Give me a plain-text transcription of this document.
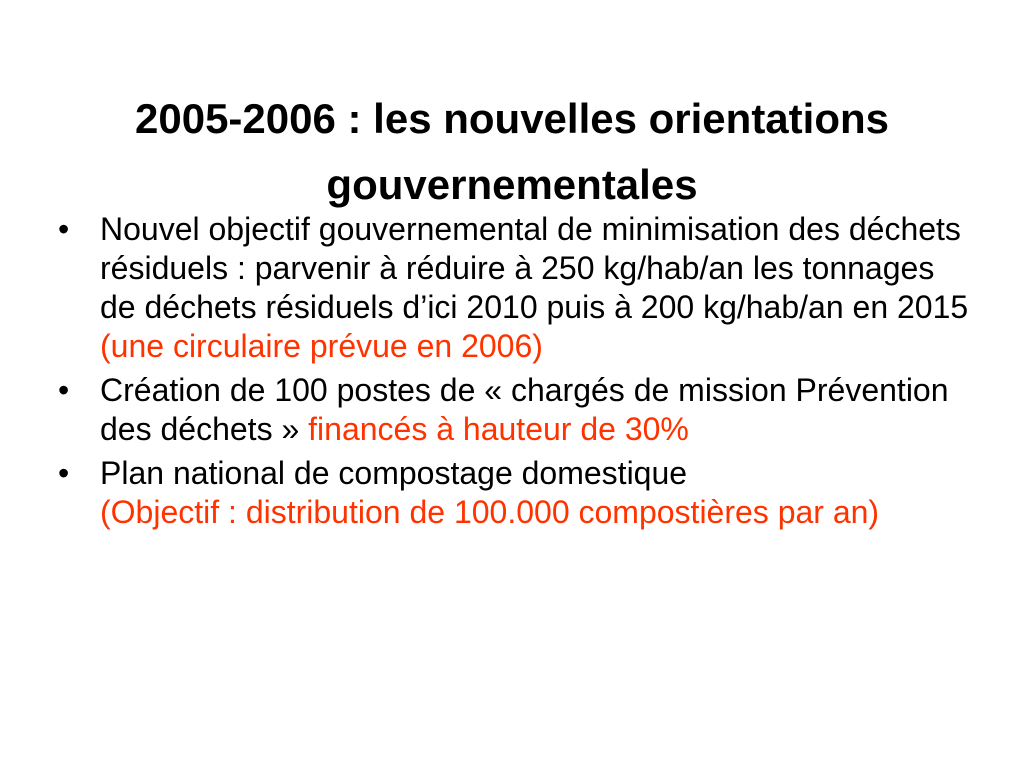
2005-2006 : les nouvelles orientations
gouvernementales
• Nouvel objectif gouvernemental de minimisation des déchets résiduels : parvenir à réduire à 250 kg/hab/an les tonnages de déchets résiduels d’ici 2010 puis à 200 kg/hab/an en 2015 (une circulaire prévue en 2006)
• Création de 100 postes de « chargés de mission Prévention des déchets » financés à hauteur de 30%
• Plan national de compostage domestique
(Objectif : distribution de 100.000 compostières par an)
